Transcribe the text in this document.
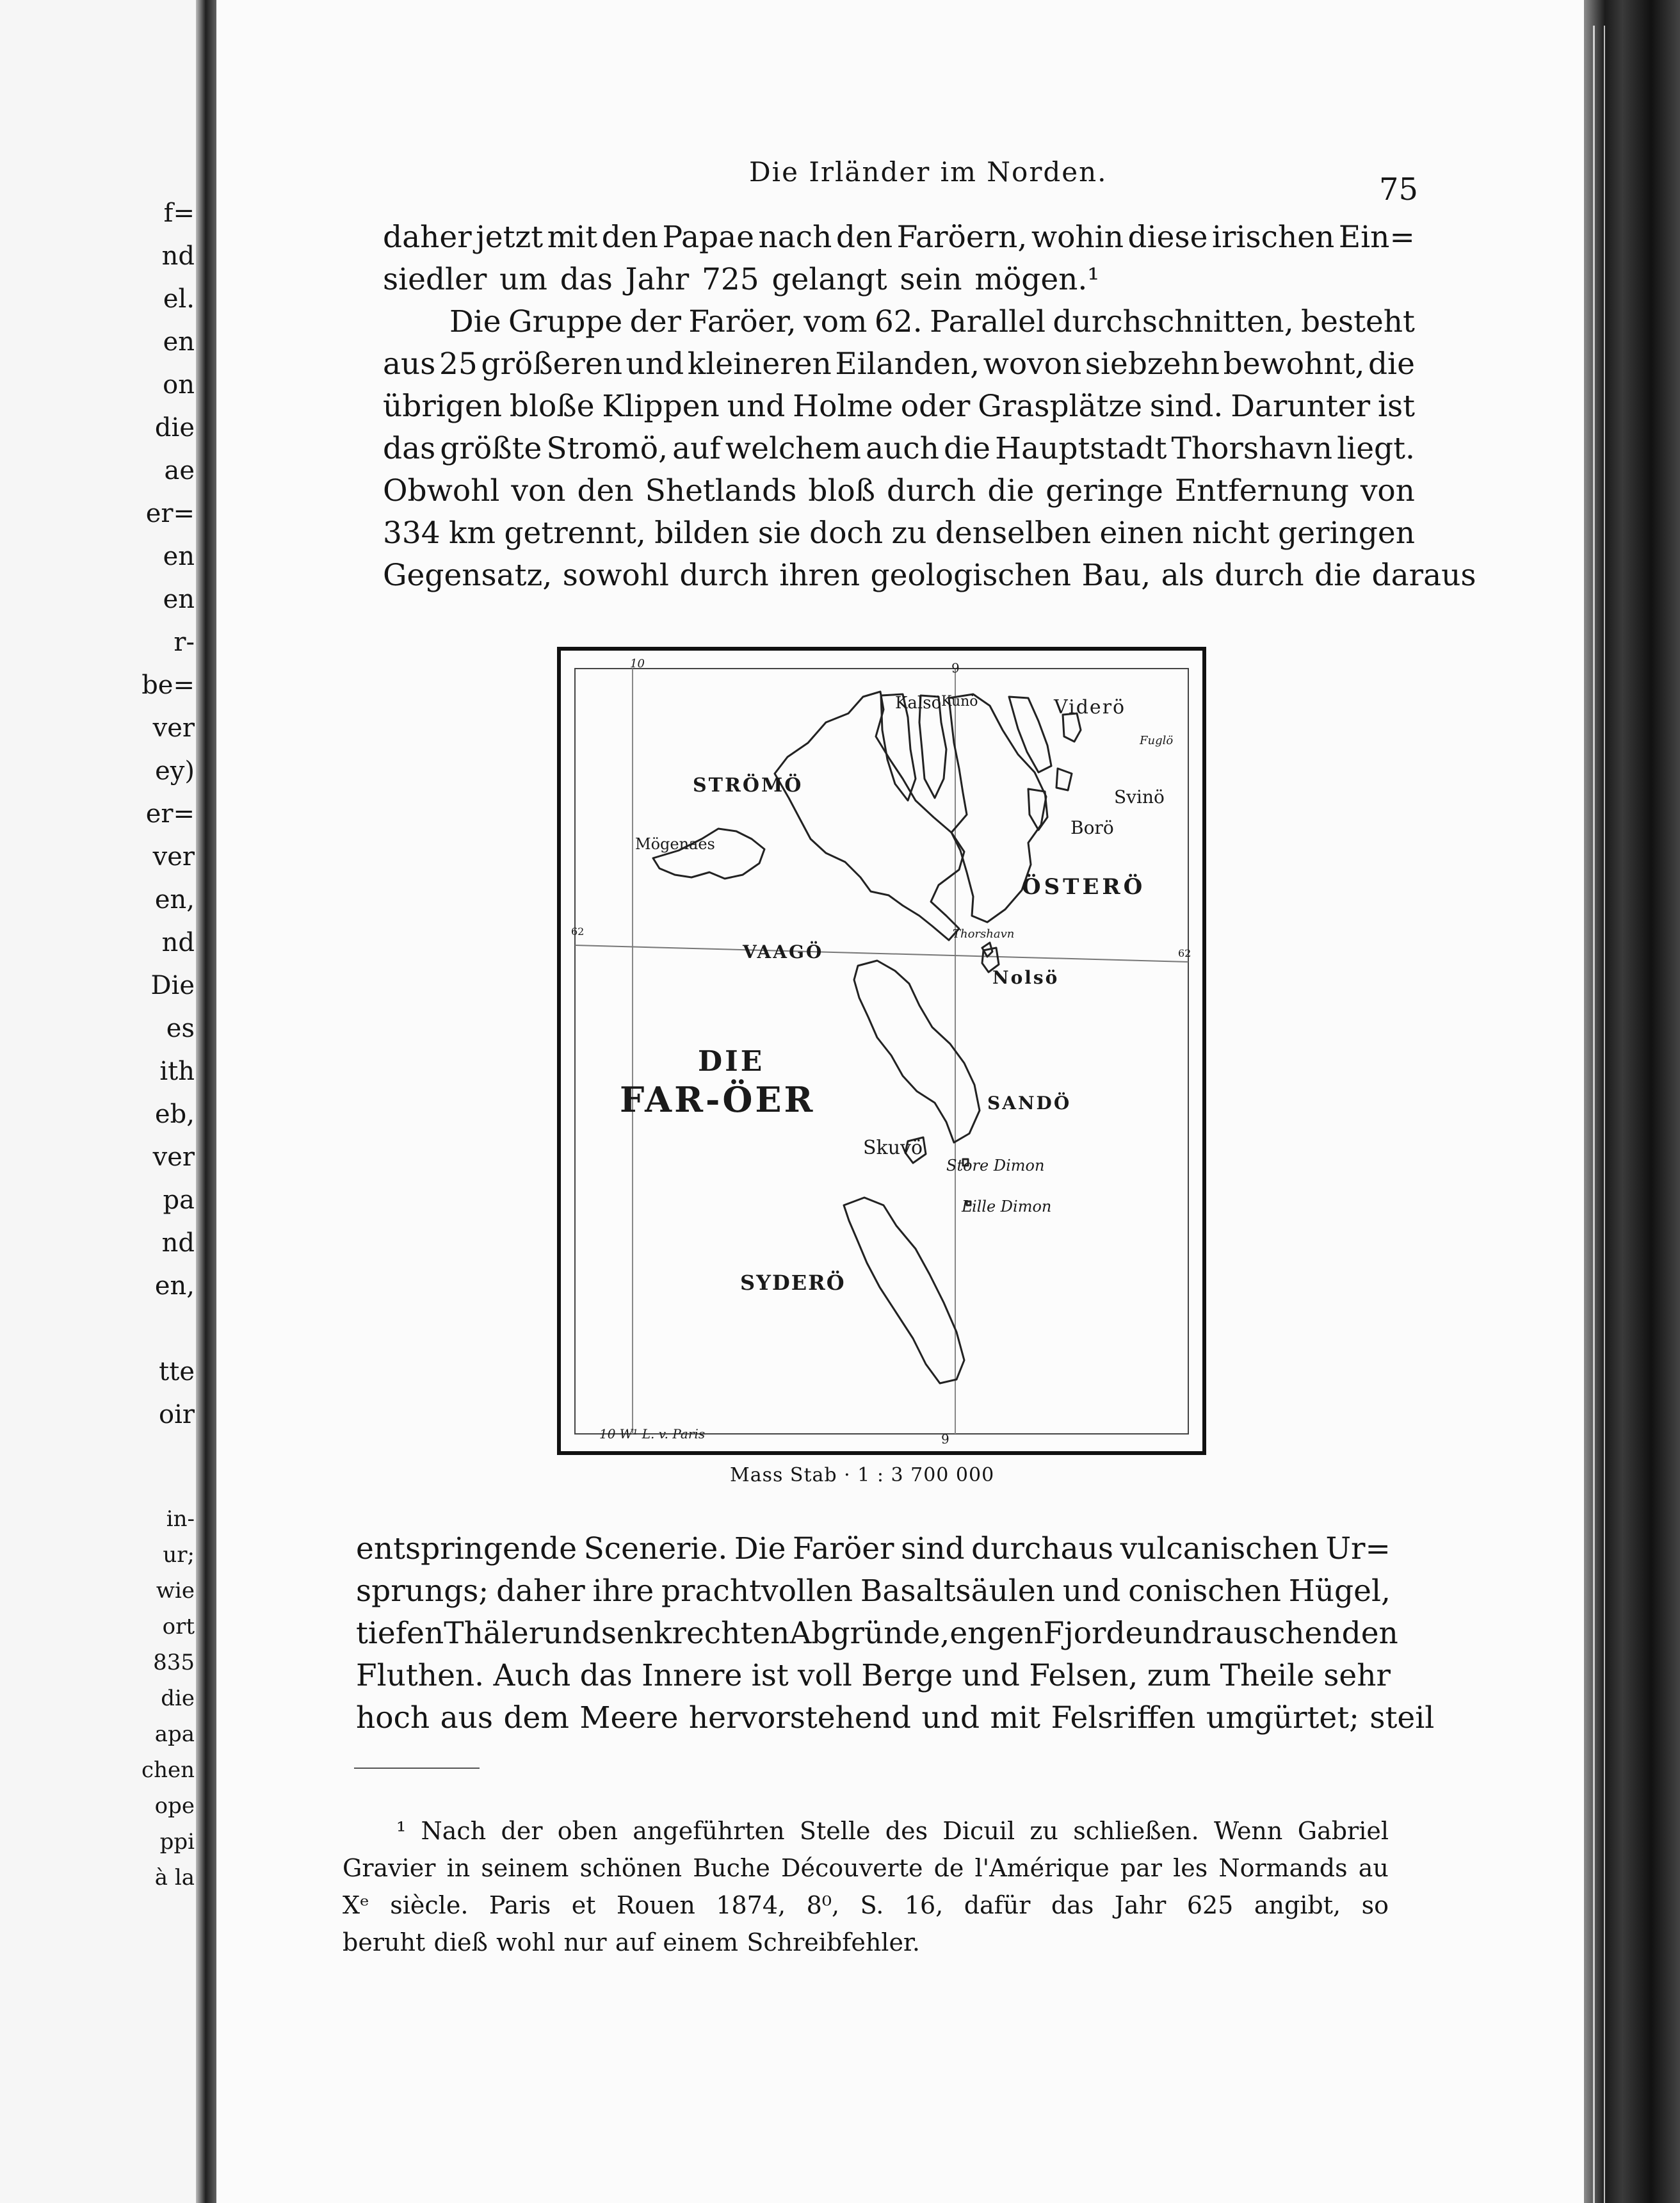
f=
nd
el.
en
on
die
ae
er=
en
en
r-
be=
ver
ey)
er=
ver
en,
nd
Die
es
ith
eb,
ver
pa
nd
en,
tte
oir
in-
ur;
wie
ort
835
die
apa
chen
ope
ppi
à la
Die Irländer im Norden.	75
daher jetzt mit den Papae nach den Faröern, wohin diese irischen Ein=
siedler um das Jahr 725 gelangt sein mögen.¹
Die Gruppe der Faröer, vom 62. Parallel durchschnitten, besteht
aus 25 größeren und kleineren Eilanden, wovon siebzehn bewohnt, die
übrigen bloße Klippen und Holme oder Grasplätze sind. Darunter ist
das größte Stromö, auf welchem auch die Hauptstadt Thorshavn liegt.
Obwohl von den Shetlands bloß durch die geringe Entfernung von
334 km getrennt, bilden sie doch zu denselben einen nicht geringen
Gegensatz, sowohl durch ihren geologischen Bau, als durch die daraus
Kalsö Kunö	Viderö
Fuglö
STRÖMÖ
Svinö
Borö
Mögenaes
ÖSTERÖ
Thorshavn
VAAGÖ
Nolsö
DIE
FAR-ÖER	SANDÖ
Skuvö
Store Dimon
Lille Dimon
SYDERÖ
10	9
62
62
10 W¹ L. v. Paris	9
Mass Stab · 1 : 3 700 000
entspringende Scenerie. Die Faröer sind durchaus vulcanischen Ur=
sprungs; daher ihre prachtvollen Basaltsäulen und conischen Hügel,
tiefen Thäler und senkrechten Abgründe, engen Fjorde und rauschenden
Fluthen. Auch das Innere ist voll Berge und Felsen, zum Theile sehr
hoch aus dem Meere hervorstehend und mit Felsriffen umgürtet; steil
¹ Nach der oben angeführten Stelle des Dicuil zu schließen. Wenn Gabriel
Gravier in seinem schönen Buche Découverte de l'Amérique par les Normands au
Xᵉ siècle. Paris et Rouen 1874, 8⁰, S. 16, dafür das Jahr 625 angibt, so
beruht dieß wohl nur auf einem Schreibfehler.
